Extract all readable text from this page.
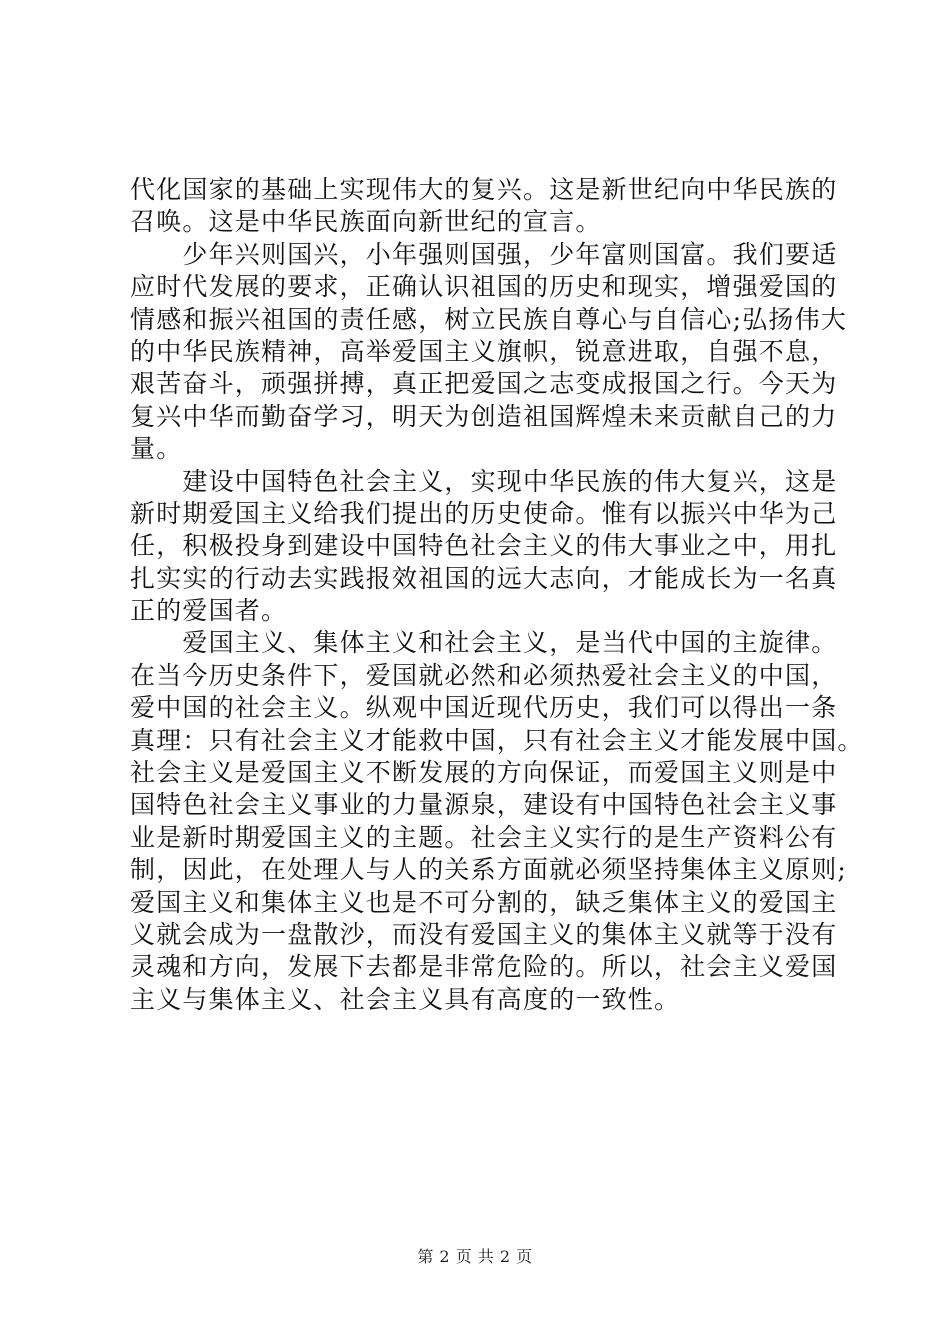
代化国家的基础上实现伟大的复兴。这是新世纪向中华民族的
召唤。这是中华民族面向新世纪的宣言。
　　少年兴则国兴，小年强则国强，少年富则国富。我们要适
应时代发展的要求，正确认识祖国的历史和现实，增强爱国的
情感和振兴祖国的责任感，树立民族自尊心与自信心;弘扬伟大
的中华民族精神，高举爱国主义旗帜，锐意进取，自强不息，
艰苦奋斗，顽强拼搏，真正把爱国之志变成报国之行。今天为
复兴中华而勤奋学习，明天为创造祖国辉煌未来贡献自己的力
量。
　　建设中国特色社会主义，实现中华民族的伟大复兴，这是
新时期爱国主义给我们提出的历史使命。惟有以振兴中华为己
任，积极投身到建设中国特色社会主义的伟大事业之中，用扎
扎实实的行动去实践报效祖国的远大志向，才能成长为一名真
正的爱国者。
　　爱国主义、集体主义和社会主义，是当代中国的主旋律。
在当今历史条件下，爱国就必然和必须热爱社会主义的中国，
爱中国的社会主义。纵观中国近现代历史，我们可以得出一条
真理：只有社会主义才能救中国，只有社会主义才能发展中国。
社会主义是爱国主义不断发展的方向保证，而爱国主义则是中
国特色社会主义事业的力量源泉，建设有中国特色社会主义事
业是新时期爱国主义的主题。社会主义实行的是生产资料公有
制，因此，在处理人与人的关系方面就必须坚持集体主义原则;
爱国主义和集体主义也是不可分割的，缺乏集体主义的爱国主
义就会成为一盘散沙，而没有爱国主义的集体主义就等于没有
灵魂和方向，发展下去都是非常危险的。所以，社会主义爱国
主义与集体主义、社会主义具有高度的一致性。
第 2 页 共 2 页
